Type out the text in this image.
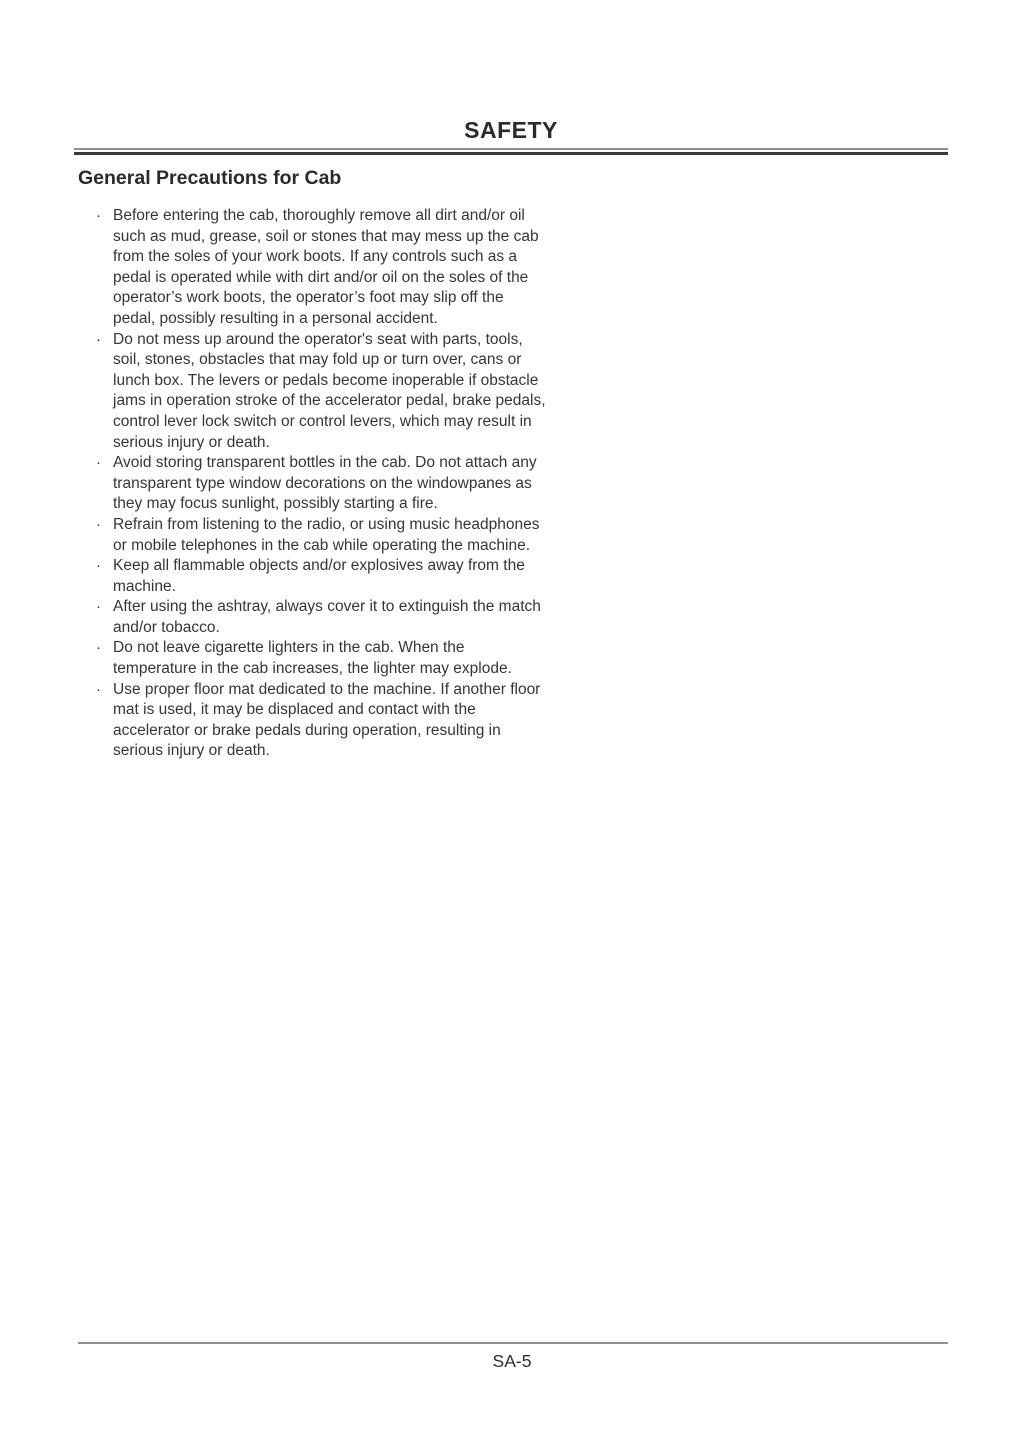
SAFETY
General Precautions for Cab
· Before entering the cab, thoroughly remove all dirt and/or oil such as mud, grease, soil or stones that may mess up the cab from the soles of your work boots. If any controls such as a pedal is operated while with dirt and/or oil on the soles of the operator’s work boots, the operator’s foot may slip off the pedal, possibly resulting in a personal accident.
· Do not mess up around the operator's seat with parts, tools, soil, stones, obstacles that may fold up or turn over, cans or lunch box. The levers or pedals become inoperable if obstacle jams in operation stroke of the accelerator pedal, brake pedals, control lever lock switch or control levers, which may result in serious injury or death.
· Avoid storing transparent bottles in the cab. Do not attach any transparent type window decorations on the windowpanes as they may focus sunlight, possibly starting a fire.
· Refrain from listening to the radio, or using music headphones or mobile telephones in the cab while operating the machine.
· Keep all flammable objects and/or explosives away from the machine.
· After using the ashtray, always cover it to extinguish the match and/or tobacco.
· Do not leave cigarette lighters in the cab. When the temperature in the cab increases, the lighter may explode.
· Use proper floor mat dedicated to the machine. If another floor mat is used, it may be displaced and contact with the accelerator or brake pedals during operation, resulting in serious injury or death.
SA-5
